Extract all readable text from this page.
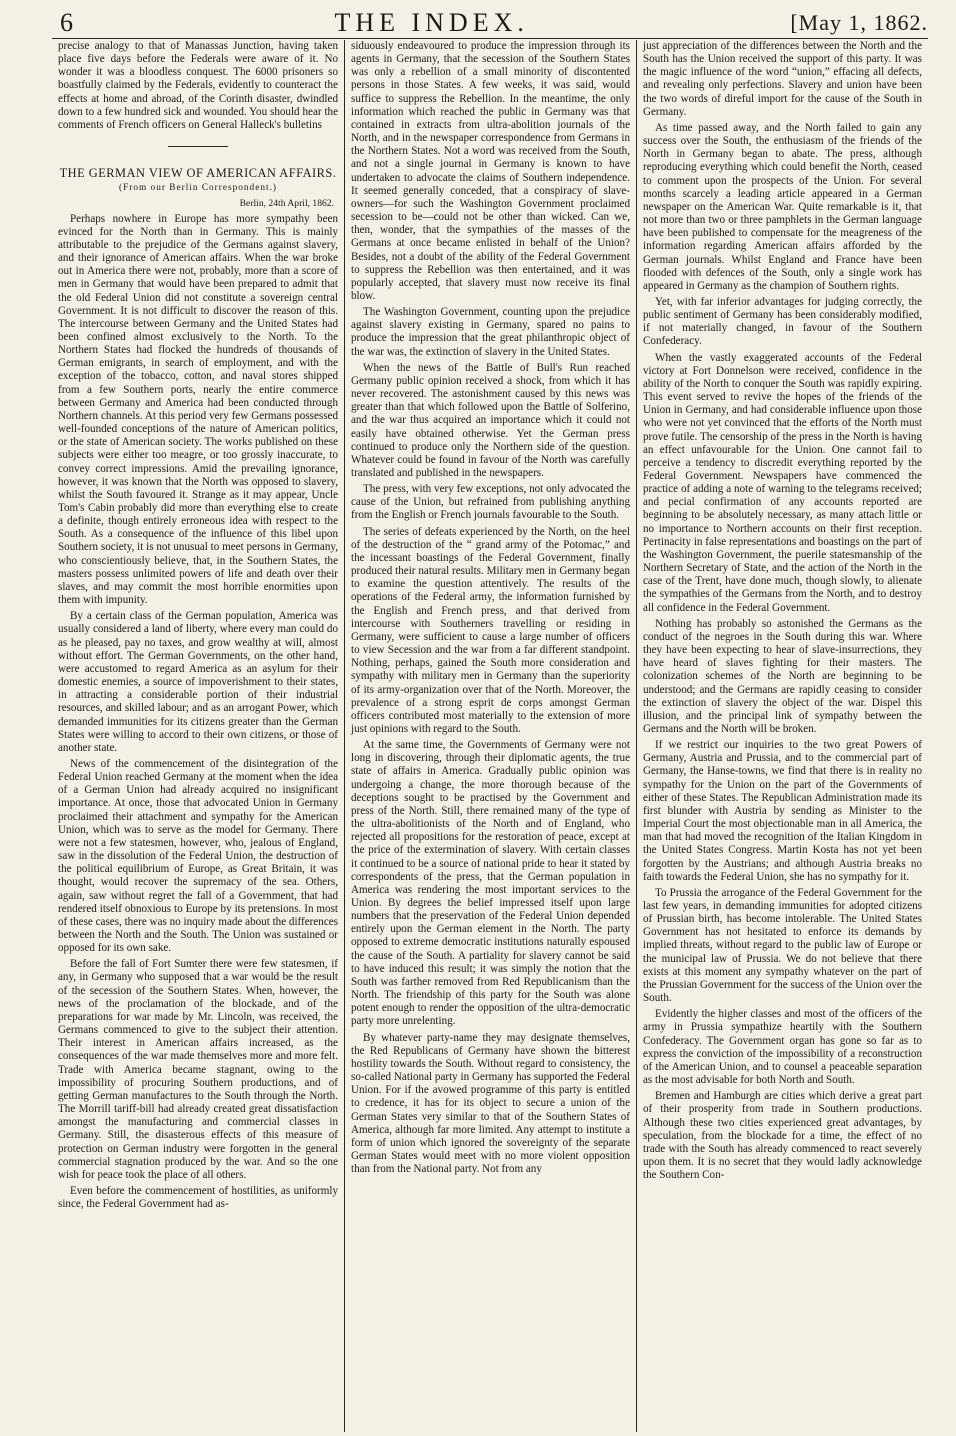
6	THE INDEX.	[May 1, 1862.

precise analogy to that of Manassas Junction, having taken place five days before the Federals were aware of it. No wonder it was a bloodless conquest. The 6000 prisoners so boastfully claimed by the Federals, evidently to counteract the effects at home and abroad, of the Corinth disaster, dwindled down to a few hundred sick and wounded. You should hear the comments of French officers on General Halleck's bulletins

THE GERMAN VIEW OF AMERICAN AFFAIRS.
(From our Berlin Correspondent.)
Berlin, 24th April, 1862.

Perhaps nowhere in Europe has more sympathy been evinced for the North than in Germany. This is mainly attributable to the prejudice of the Germans against slavery, and their ignorance of American affairs. When the war broke out in America there were not, probably, more than a score of men in Germany that would have been prepared to admit that the old Federal Union did not constitute a sovereign central Government. It is not difficult to discover the reason of this. The intercourse between Germany and the United States had been confined almost exclusively to the North. To the Northern States had flocked the hundreds of thousands of German emigrants, in search of employment, and with the exception of the tobacco, cotton, and naval stores shipped from a few Southern ports, nearly the entire commerce between Germany and America had been conducted through Northern channels. At this period very few Germans possessed well-founded conceptions of the nature of American politics, or the state of American society. The works published on these subjects were either too meagre, or too grossly inaccurate, to convey correct impressions. Amid the prevailing ignorance, however, it was known that the North was opposed to slavery, whilst the South favoured it. Strange as it may appear, Uncle Tom's Cabin probably did more than everything else to create a definite, though entirely erroneous idea with respect to the South. As a consequence of the influence of this libel upon Southern society, it is not unusual to meet persons in Germany, who conscientiously believe, that, in the Southern States, the masters possess unlimited powers of life and death over their slaves, and may commit the most horrible enormities upon them with impunity.

By a certain class of the German population, America was usually considered a land of liberty, where every man could do as he pleased, pay no taxes, and grow wealthy at will, almost without effort. The German Governments, on the other hand, were accustomed to regard America as an asylum for their domestic enemies, a source of impoverishment to their states, in attracting a considerable portion of their industrial resources, and skilled labour; and as an arrogant Power, which demanded immunities for its citizens greater than the German States were willing to accord to their own citizens, or those of another state.

News of the commencement of the disintegration of the Federal Union reached Germany at the moment when the idea of a German Union had already acquired no insignificant importance. At once, those that advocated Union in Germany proclaimed their attachment and sympathy for the American Union, which was to serve as the model for Germany. There were not a few statesmen, however, who, jealous of England, saw in the dissolution of the Federal Union, the destruction of the political equilibrium of Europe, as Great Britain, it was thought, would recover the supremacy of the sea. Others, again, saw without regret the fall of a Government, that had rendered itself obnoxious to Europe by its pretensions. In most of these cases, there was no inquiry made about the differences between the North and the South. The Union was sustained or opposed for its own sake.

Before the fall of Fort Sumter there were few statesmen, if any, in Germany who supposed that a war would be the result of the secession of the Southern States. When, however, the news of the proclamation of the blockade, and of the preparations for war made by Mr. Lincoln, was received, the Germans commenced to give to the subject their attention. Their interest in American affairs increased, as the consequences of the war made themselves more and more felt. Trade with America became stagnant, owing to the impossibility of procuring Southern productions, and of getting German manufactures to the South through the North. The Morrill tariff-bill had already created great dissatisfaction amongst the manufacturing and commercial classes in Germany. Still, the disasterous effects of this measure of protection on German industry were forgotten in the general commercial stagnation produced by the war. And so the one wish for peace took the place of all others.

Even before the commencement of hostilities, as uniformly since, the Federal Government had as-

siduously endeavoured to produce the impression through its agents in Germany, that the secession of the Southern States was only a rebellion of a small minority of discontented persons in those States. A few weeks, it was said, would suffice to suppress the Rebellion. In the meantime, the only information which reached the public in Germany was that contained in extracts from ultra-abolition journals of the North, and in the newspaper correspondence from Germans in the Northern States. Not a word was received from the South, and not a single journal in Germany is known to have undertaken to advocate the claims of Southern independence. It seemed generally conceded, that a conspiracy of slave-owners—for such the Washington Government proclaimed secession to be—could not be other than wicked. Can we, then, wonder, that the sympathies of the masses of the Germans at once became enlisted in behalf of the Union? Besides, not a doubt of the ability of the Federal Government to suppress the Rebellion was then entertained, and it was popularly accepted, that slavery must now receive its final blow.

The Washington Government, counting upon the prejudice against slavery existing in Germany, spared no pains to produce the impression that the great philanthropic object of the war was, the extinction of slavery in the United States.

When the news of the Battle of Bull's Run reached Germany public opinion received a shock, from which it has never recovered. The astonishment caused by this news was greater than that which followed upon the Battle of Solferino, and the war thus acquired an importance which it could not easily have obtained otherwise. Yet the German press continued to produce only the Northern side of the question. Whatever could be found in favour of the North was carefully translated and published in the newspapers.

The press, with very few exceptions, not only advocated the cause of the Union, but refrained from publishing anything from the English or French journals favourable to the South.

The series of defeats experienced by the North, on the heel of the destruction of the “ grand army of the Potomac,” and the incessant boastings of the Federal Government, finally produced their natural results. Military men in Germany began to examine the question attentively. The results of the operations of the Federal army, the information furnished by the English and French press, and that derived from intercourse with Southerners travelling or residing in Germany, were sufficient to cause a large number of officers to view Secession and the war from a far different standpoint. Nothing, perhaps, gained the South more consideration and sympathy with military men in Germany than the superiority of its army-organization over that of the North. Moreover, the prevalence of a strong esprit de corps amongst German officers contributed most materially to the extension of more just opinions with regard to the South.

At the same time, the Governments of Germany were not long in discovering, through their diplomatic agents, the true state of affairs in America. Gradually public opinion was undergoing a change, the more thorough because of the deceptions sought to be practised by the Government and press of the North. Still, there remained many of the type of the ultra-abolitionists of the North and of England, who rejected all propositions for the restoration of peace, except at the price of the extermination of slavery. With certain classes it continued to be a source of national pride to hear it stated by correspondents of the press, that the German population in America was rendering the most important services to the Union. By degrees the belief impressed itself upon large numbers that the preservation of the Federal Union depended entirely upon the German element in the North. The party opposed to extreme democratic institutions naturally espoused the cause of the South. A partiality for slavery cannot be said to have induced this result; it was simply the notion that the South was farther removed from Red Republicanism than the North. The friendship of this party for the South was alone potent enough to render the opposition of the ultra-democratic party more unrelenting.

By whatever party-name they may designate themselves, the Red Republicans of Germany have shown the bitterest hostility towards the South. Without regard to consistency, the so-called National party in Germany has supported the Federal Union. For if the avowed programme of this party is entitled to credence, it has for its object to secure a union of the German States very similar to that of the Southern States of America, although far more limited. Any attempt to institute a form of union which ignored the sovereignty of the separate German States would meet with no more violent opposition than from the National party. Not from any

just appreciation of the differences between the North and the South has the Union received the support of this party. It was the magic influence of the word “union,” effacing all defects, and revealing only perfections. Slavery and union have been the two words of direful import for the cause of the South in Germany.

As time passed away, and the North failed to gain any success over the South, the enthusiasm of the friends of the North in Germany began to abate. The press, although reproducing everything which could benefit the North, ceased to comment upon the prospects of the Union. For several months scarcely a leading article appeared in a German newspaper on the American War. Quite remarkable is it, that not more than two or three pamphlets in the German language have been published to compensate for the meagreness of the information regarding American affairs afforded by the German journals. Whilst England and France have been flooded with defences of the South, only a single work has appeared in Germany as the champion of Southern rights.

Yet, with far inferior advantages for judging correctly, the public sentiment of Germany has been considerably modified, if not materially changed, in favour of the Southern Confederacy.

When the vastly exaggerated accounts of the Federal victory at Fort Donnelson were received, confidence in the ability of the North to conquer the South was rapidly expiring. This event served to revive the hopes of the friends of the Union in Germany, and had considerable influence upon those who were not yet convinced that the efforts of the North must prove futile. The censorship of the press in the North is having an effect unfavourable for the Union. One cannot fail to perceive a tendency to discredit everything reported by the Federal Government. Newspapers have commenced the practice of adding a note of warning to the telegrams received; and pecial confirmation of any accounts reported are beginning to be absolutely necessary, as many attach little or no importance to Northern accounts on their first reception. Pertinacity in false representations and boastings on the part of the Washington Government, the puerile statesmanship of the Northern Secretary of State, and the action of the North in the case of the Trent, have done much, though slowly, to alienate the sympathies of the Germans from the North, and to destroy all confidence in the Federal Government.

Nothing has probably so astonished the Germans as the conduct of the negroes in the South during this war. Where they have been expecting to hear of slave-insurrections, they have heard of slaves fighting for their masters. The colonization schemes of the North are beginning to be understood; and the Germans are rapidly ceasing to consider the extinction of slavery the object of the war. Dispel this illusion, and the principal link of sympathy between the Germans and the North will be broken.

If we restrict our inquiries to the two great Powers of Germany, Austria and Prussia, and to the commercial part of Germany, the Hanse-towns, we find that there is in reality no sympathy for the Union on the part of the Governments of either of these States. The Republican Administration made its first blunder with Austria by sending as Minister to the Imperial Court the most objectionable man in all America, the man that had moved the recognition of the Italian Kingdom in the United States Congress. Martin Kosta has not yet been forgotten by the Austrians; and although Austria breaks no faith towards the Federal Union, she has no sympathy for it.

To Prussia the arrogance of the Federal Government for the last few years, in demanding immunities for adopted citizens of Prussian birth, has become intolerable. The United States Government has not hesitated to enforce its demands by implied threats, without regard to the public law of Europe or the municipal law of Prussia. We do not believe that there exists at this moment any sympathy whatever on the part of the Prussian Government for the success of the Union over the South.

Evidently the higher classes and most of the officers of the army in Prussia sympathize heartily with the Southern Confederacy. The Government organ has gone so far as to express the conviction of the impossibility of a reconstruction of the American Union, and to counsel a peaceable separation as the most advisable for both North and South.

Bremen and Hamburgh are cities which derive a great part of their prosperity from trade in Southern productions. Although these two cities experienced great advantages, by speculation, from the blockade for a time, the effect of no trade with the South has already commenced to react severely upon them. It is no secret that they would ladly acknowledge the Southern Con-
